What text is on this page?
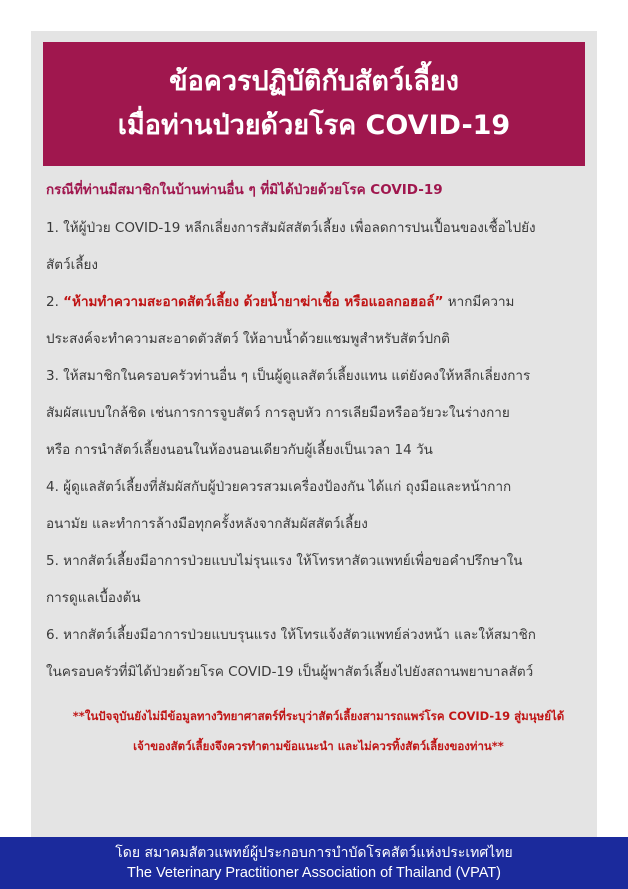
ข้อควรปฏิบัติกับสัตว์เลี้ยง
เมื่อท่านป่วยด้วยโรค COVID-19
กรณีที่ท่านมีสมาชิกในบ้านท่านอื่น ๆ ที่มิได้ป่วยด้วยโรค COVID-19

1. ให้ผู้ป่วย COVID-19 หลีกเลี่ยงการสัมผัสสัตว์เลี้ยง เพื่อลดการปนเปื้อนของเชื้อไปยัง

สัตว์เลี้ยง

2. “ห้ามทำความสะอาดสัตว์เลี้ยง ด้วยน้ำยาฆ่าเชื้อ หรือแอลกอฮอล์” หากมีความ

ประสงค์จะทำความสะอาดตัวสัตว์ ให้อาบน้ำด้วยแชมพูสำหรับสัตว์ปกติ

3. ให้สมาชิกในครอบครัวท่านอื่น ๆ เป็นผู้ดูแลสัตว์เลี้ยงแทน แต่ยังคงให้หลีกเลี่ยงการ

สัมผัสแบบใกล้ชิด เช่นการการจูบสัตว์ การลูบหัว การเลียมือหรืออวัยวะในร่างกาย

หรือ การนำสัตว์เลี้ยงนอนในห้องนอนเดียวกับผู้เลี้ยงเป็นเวลา 14 วัน

4. ผู้ดูแลสัตว์เลี้ยงที่สัมผัสกับผู้ป่วยควรสวมเครื่องป้องกัน ได้แก่ ถุงมือและหน้ากาก

อนามัย และทำการล้างมือทุกครั้งหลังจากสัมผัสสัตว์เลี้ยง

5. หากสัตว์เลี้ยงมีอาการป่วยแบบไม่รุนแรง ให้โทรหาสัตวแพทย์เพื่อขอคำปรึกษาใน

การดูแลเบื้องต้น

6. หากสัตว์เลี้ยงมีอาการป่วยแบบรุนแรง ให้โทรแจ้งสัตวแพทย์ล่วงหน้า และให้สมาชิก

ในครอบครัวที่มิได้ป่วยด้วยโรค COVID-19 เป็นผู้พาสัตว์เลี้ยงไปยังสถานพยาบาลสัตว์

**ในปัจจุบันยังไม่มีข้อมูลทางวิทยาศาสตร์ที่ระบุว่าสัตว์เลี้ยงสามารถแพร่โรค COVID-19 สู่มนุษย์ได้
เจ้าของสัตว์เลี้ยงจึงควรทำตามข้อแนะนำ และไม่ควรทิ้งสัตว์เลี้ยงของท่าน**
โดย สมาคมสัตวแพทย์ผู้ประกอบการบำบัดโรคสัตว์แห่งประเทศไทย
The Veterinary Practitioner Association of Thailand (VPAT)
